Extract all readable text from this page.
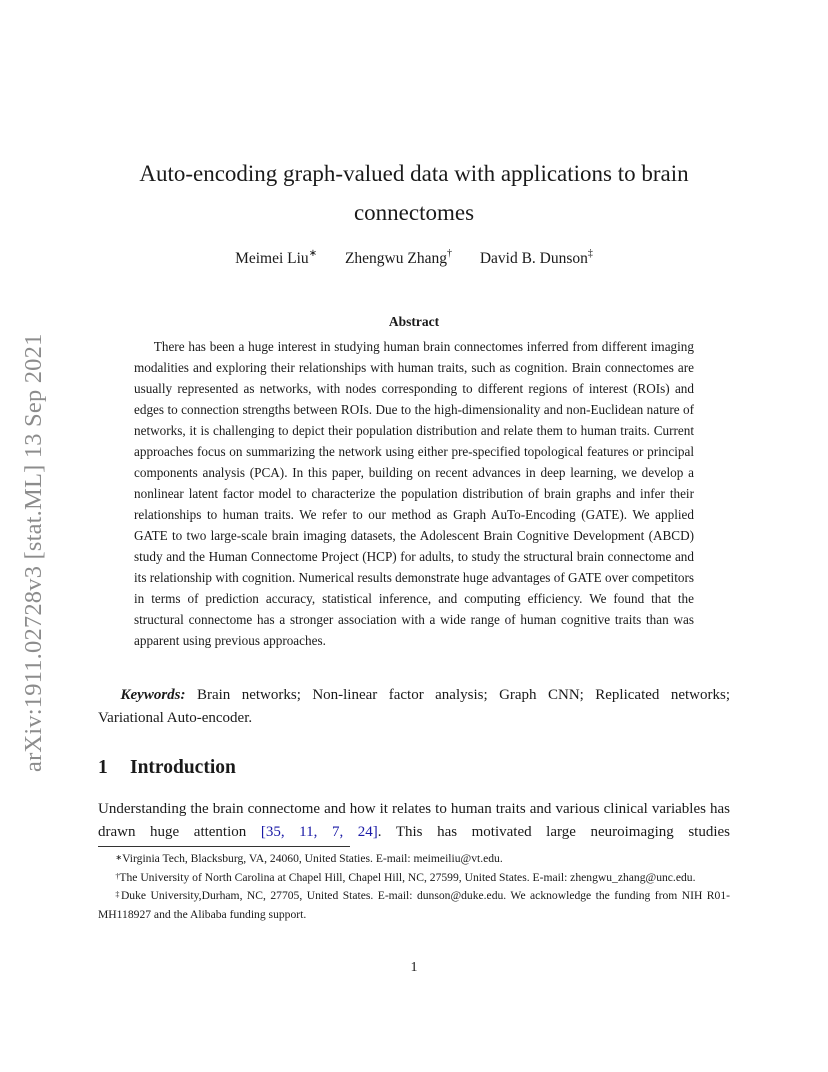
arXiv:1911.02728v3 [stat.ML] 13 Sep 2021
Auto-encoding graph-valued data with applications to brain connectomes
Meimei Liu∗ Zhengwu Zhang† David B. Dunson‡
Abstract
There has been a huge interest in studying human brain connectomes inferred from different imaging modalities and exploring their relationships with human traits, such as cognition. Brain connectomes are usually represented as networks, with nodes corresponding to different regions of interest (ROIs) and edges to connection strengths between ROIs. Due to the high-dimensionality and non-Euclidean nature of networks, it is challenging to depict their population distribution and relate them to human traits. Current approaches focus on summarizing the network using either pre-specified topological features or principal components analysis (PCA). In this paper, building on recent advances in deep learning, we develop a nonlinear latent factor model to characterize the population distribution of brain graphs and infer their relationships to human traits. We refer to our method as Graph AuTo-Encoding (GATE). We applied GATE to two large-scale brain imaging datasets, the Adolescent Brain Cognitive Development (ABCD) study and the Human Connectome Project (HCP) for adults, to study the structural brain connectome and its relationship with cognition. Numerical results demonstrate huge advantages of GATE over competitors in terms of prediction accuracy, statistical inference, and computing efficiency. We found that the structural connectome has a stronger association with a wide range of human cognitive traits than was apparent using previous approaches.
Keywords: Brain networks; Non-linear factor analysis; Graph CNN; Replicated networks; Variational Auto-encoder.
1 Introduction
Understanding the brain connectome and how it relates to human traits and various clinical variables has drawn huge attention [35, 11, 7, 24]. This has motivated large neuroimaging studies

∗Virginia Tech, Blacksburg, VA, 24060, United Staties. E-mail: meimeiliu@vt.edu.

†The University of North Carolina at Chapel Hill, Chapel Hill, NC, 27599, United States. E-mail: zhengwu_zhang@unc.edu.

‡Duke University,Durham, NC, 27705, United States. E-mail: dunson@duke.edu. We acknowledge the funding from NIH R01-MH118927 and the Alibaba funding support.

1
